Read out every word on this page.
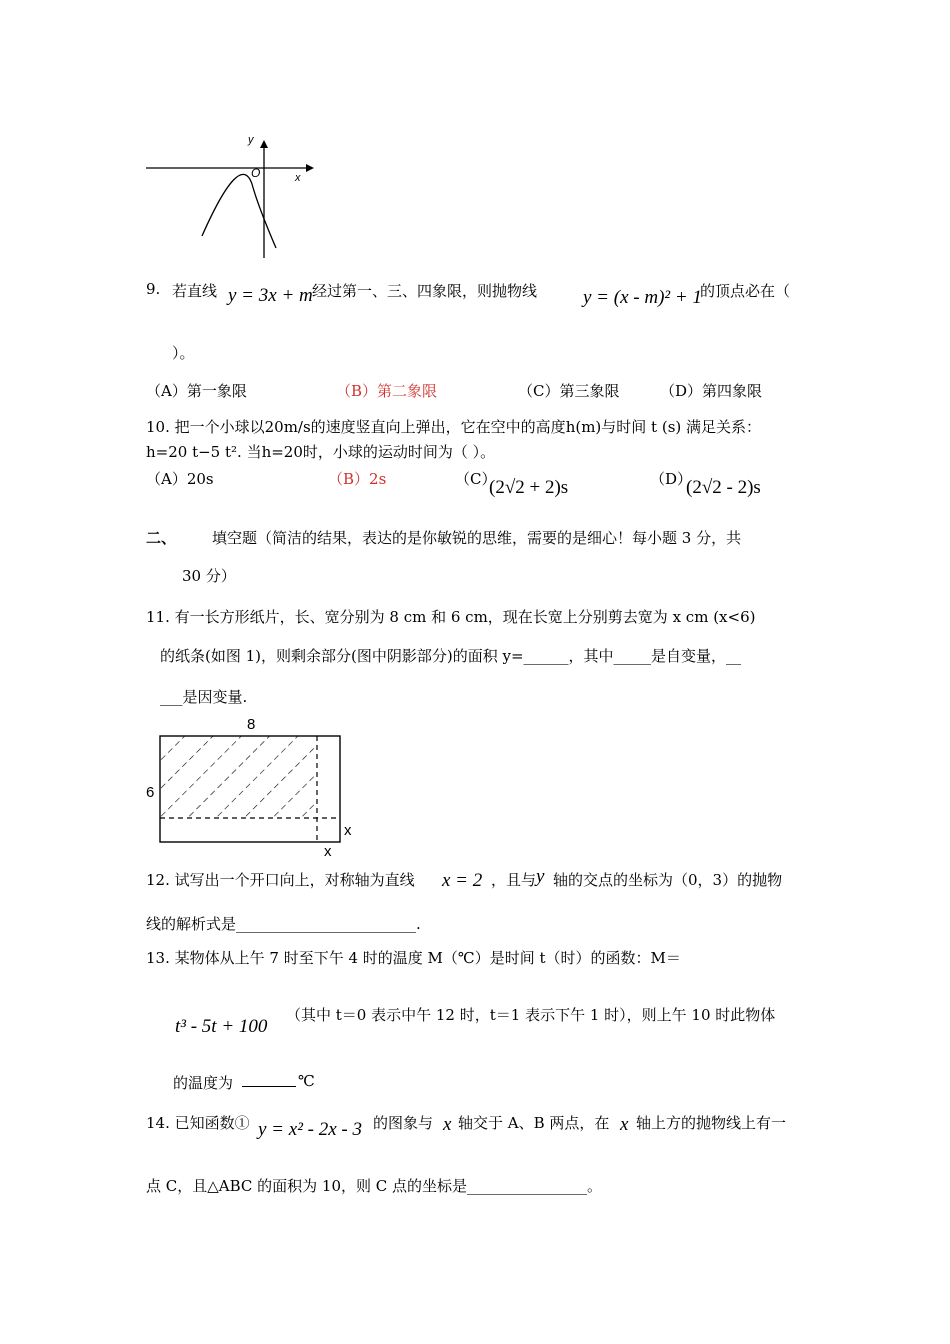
y
x
O
9. 若直线 y = 3x + m 经过第一、三、四象限，则抛物线 y = (x - m)² + 1
的顶点必在（
）。
（A）第一象限	（B）第二象限	（C）第三象限	（D）第四象限
10. 把一个小球以20m/s的速度竖直向上弹出，它在空中的高度h(m)与时间 t (s) 满足关系：
h=20 t−5 t². 当h=20时，小球的运动时间为（ ）。
（A）20s	（B）2s	（C）
(2√2 + 2)s	（D）
(2√2 - 2)s
二、 填空题（简洁的结果，表达的是你敏锐的思维，需要的是细心！每小题 3 分，共
30 分）
11. 有一长方形纸片，长、宽分别为 8 cm 和 6 cm，现在长宽上分别剪去宽为 x cm (x<6)
的纸条(如图 1)，则剩余部分(图中阴影部分)的面积 y=______，其中_____是自变量，__
___是因变量.
8
6
x
x
12. 试写出一个开口向上，对称轴为直线 x = 2 ，且与 y 轴的交点的坐标为（0，3）的抛物
线的解析式是________________________.
13. 某物体从上午 7 时至下午 4 时的温度 M（℃）是时间 t（时）的函数：M＝
t³ - 5t + 100
（其中 t＝0 表示中午 12 时，t＝1 表示下午 1 时），则上午 10 时此物体
的温度为	℃
14. 已知函数① y = x² - 2x - 3 的图象与 x 轴交于 A、B 两点，在 x 轴上方的抛物线上有一
点 C，且△ABC 的面积为 10，则 C 点的坐标是________________。
